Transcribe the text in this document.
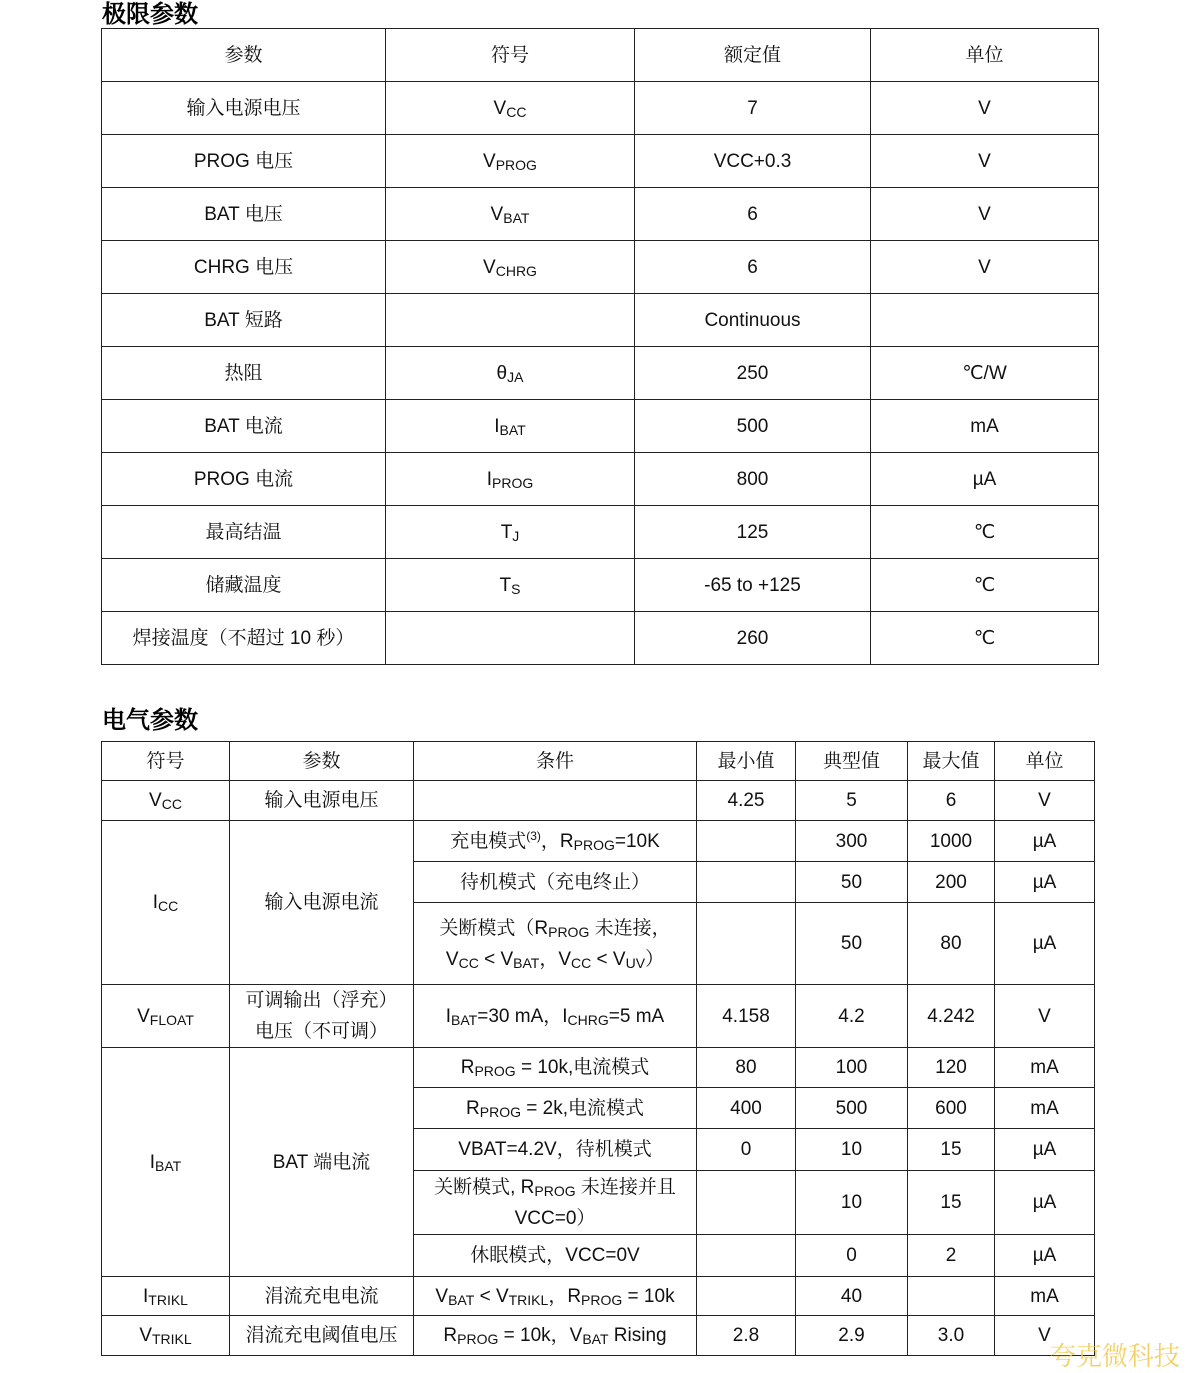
极限参数
参数	符号	额定值	单位
输入电源电压	$V_{CC}$	7	V
PROG 电压	$V_{PROG}$	VCC+0.3	V
BAT 电压	$V_{BAT}$	6	V
CHRG 电压	$V_{CHRG}$	6	V
BAT 短路		Continuous	
热阻	$\theta_{JA}$	250	℃/W
BAT 电流	$I_{BAT}$	500	mA
PROG 电流	$I_{PROG}$	800	µA
最高结温	$T_J$	125	℃
储藏温度	$T_S$	-65 to +125	℃
焊接温度（不超过 10 秒）		260	℃
电气参数
符号	参数	条件	最小值	典型值	最大值	单位
$V_{CC}$	输入电源电压		4.25	5	6	V
$I_{CC}$	输入电源电流	充电模式$^{(3)}$，$R_{PROG}=10K$		300	1000	µA
		待机模式（充电终止）		50	200	µA

		关断模式（$R_{PROG}$ 未连接，
$V_{CC} < V_{BAT}$，$V_{CC} < V_{UV}$）		50	80	µA
$V_{FLOAT}$	可调输出（浮充）
电压（不可调）	$I_{BAT}=30$ mA，$I_{CHRG}=5$ mA	4.158	4.2	4.242	V
$I_{BAT}$	BAT 端电流	$R_{PROG} = 10k$,电流模式	80	100	120	mA
		$R_{PROG} = 2k$,电流模式	400	500	600	mA
		VBAT=4.2V，待机模式	0	10	15	µA

		关断模式, $R_{PROG}$ 未连接并且
VCC=0）		10	15	µA
		休眠模式，VCC=0V		0	2	µA
$I_{TRIKL}$	涓流充电电流	$V_{BAT} < V_{TRIKL}$，$R_{PROG} = 10k$		40		mA
$V_{TRIKL}$	涓流充电阈值电压	$R_{PROG} = 10k$，$V_{BAT}$ Rising	2.8	2.9	3.0	V
夸克微科技
